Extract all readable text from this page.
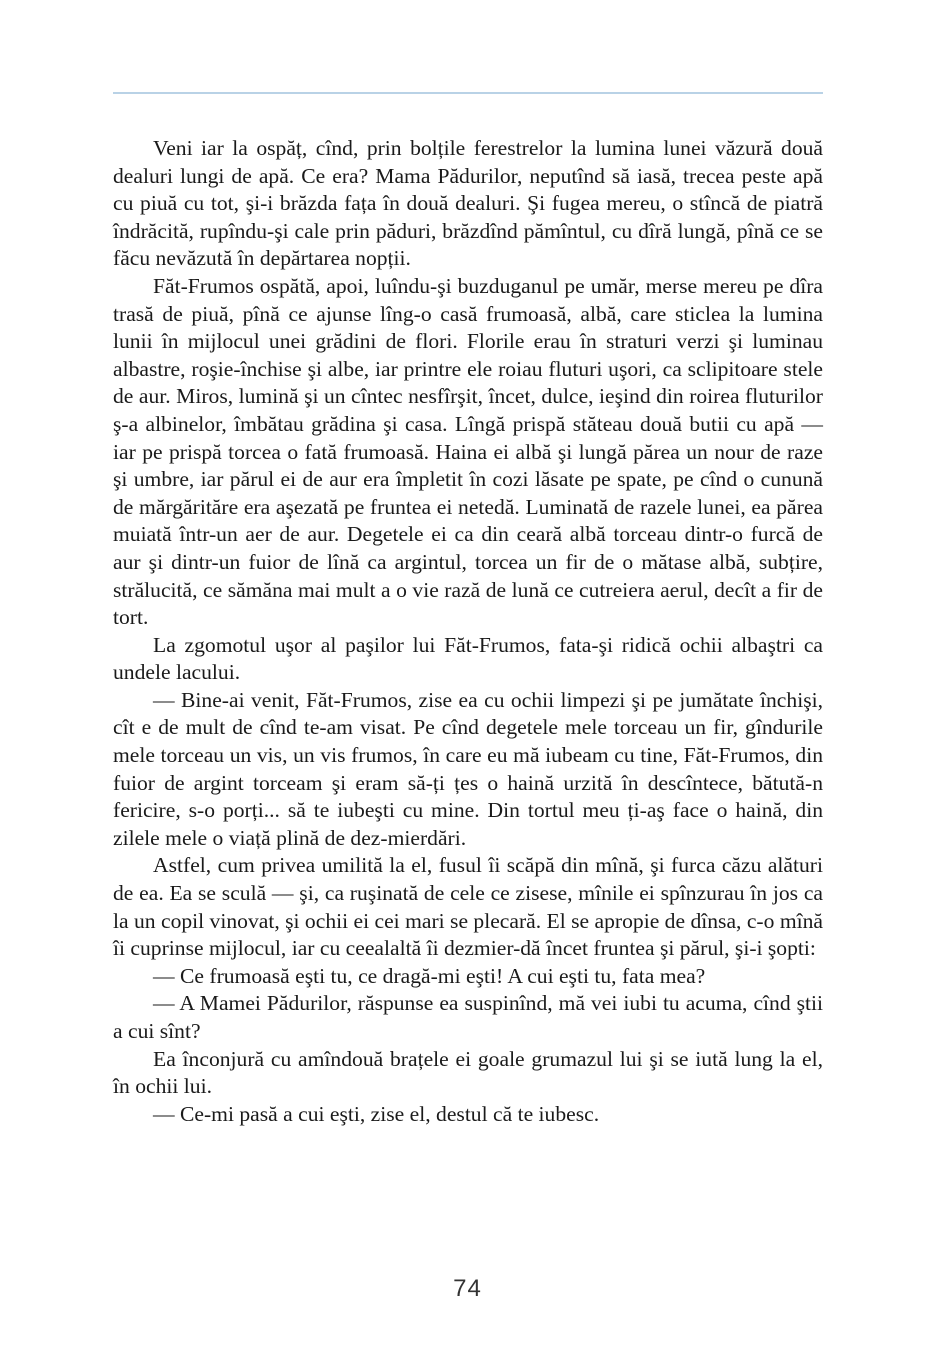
Veni iar la ospăț, cînd, prin bolțile ferestrelor la lumina lunei văzură două dealuri lungi de apă. Ce era? Mama Pădurilor, neputînd să iasă, trecea peste apă cu piuă cu tot, şi-i brăzda fața în două dealuri. Şi fugea mereu, o stîncă de piatră îndrăcită, rupîndu-şi cale prin păduri, brăzdînd pămîntul, cu dîră lungă, pînă ce se făcu nevăzută în depărtarea nopții.

Făt-Frumos ospătă, apoi, luîndu-şi buzduganul pe umăr, merse mereu pe dîra trasă de piuă, pînă ce ajunse lîng-o casă frumoasă, albă, care sticlea la lumina lunii în mijlocul unei grădini de flori. Florile erau în straturi verzi şi luminau albastre, roşie-închise şi albe, iar printre ele roiau fluturi uşori, ca sclipitoare stele de aur. Miros, lumină şi un cîntec nesfîrşit, încet, dulce, ieşind din roirea fluturilor ş-a albinelor, îmbătau grădina şi casa. Lîngă prispă stăteau două butii cu apă — iar pe prispă torcea o fată frumoasă. Haina ei albă şi lungă părea un nour de raze şi umbre, iar părul ei de aur era împletit în cozi lăsate pe spate, pe cînd o cunună de mărgărităre era aşezată pe fruntea ei netedă. Luminată de razele lunei, ea părea muiată într-un aer de aur. Degetele ei ca din ceară albă torceau dintr-o furcă de aur şi dintr-un fuior de lînă ca argintul, torcea un fir de o mătase albă, subțire, strălucită, ce sămăna mai mult a o vie rază de lună ce cutreiera aerul, decît a fir de tort.

La zgomotul uşor al paşilor lui Făt-Frumos, fata-şi ridică ochii albaştri ca undele lacului.

— Bine-ai venit, Făt-Frumos, zise ea cu ochii limpezi şi pe jumătate închişi, cît e de mult de cînd te-am visat. Pe cînd degetele mele torceau un fir, gîndurile mele torceau un vis, un vis frumos, în care eu mă iubeam cu tine, Făt-Frumos, din fuior de argint torceam şi eram să-ți țes o haină urzită în descîntece, bătută-n fericire, s-o porți... să te iubeşti cu mine. Din tortul meu ți-aş face o haină, din zilele mele o viață plină de dez-mierdări.

Astfel, cum privea umilită la el, fusul îi scăpă din mînă, şi furca căzu alături de ea. Ea se sculă — şi, ca ruşinată de cele ce zisese, mînile ei spînzurau în jos ca la un copil vinovat, şi ochii ei cei mari se plecară. El se apropie de dînsa, c-o mînă îi cuprinse mijlocul, iar cu ceealaltă îi dezmier-dă încet fruntea şi părul, şi-i şopti:

— Ce frumoasă eşti tu, ce dragă-mi eşti! A cui eşti tu, fata mea?

— A Mamei Pădurilor, răspunse ea suspinînd, mă vei iubi tu acuma, cînd ştii a cui sînt?

Ea înconjură cu amîndouă brațele ei goale grumazul lui şi se iută lung la el, în ochii lui.

— Ce-mi pasă a cui eşti, zise el, destul că te iubesc.

74
